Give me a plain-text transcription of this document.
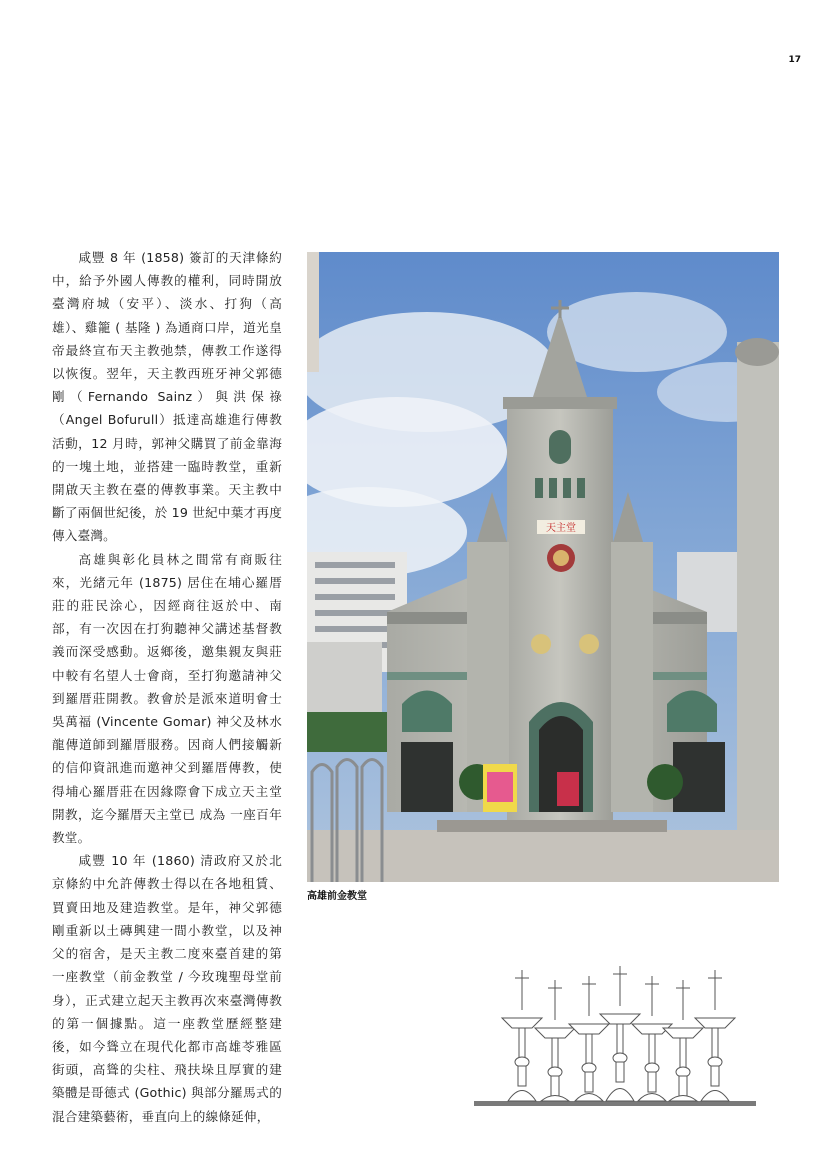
17

咸豐 8 年 (1858) 簽訂的天津條約中，給予外國人傳教的權利，同時開放臺灣府城（安平）、淡水、打狗（高雄）、雞籠 ( 基隆 ) 為通商口岸，道光皇帝最終宣布天主教弛禁，傳教工作遂得以恢復。翌年，天主教西班牙神父郭德剛（Fernando Sainz）與洪保祿（Angel Bofurull）抵達高雄進行傳教活動，12 月時，郭神父購買了前金靠海的一塊土地，並搭建一臨時教堂，重新開啟天主教在臺的傳教事業。天主教中斷了兩個世紀後，於 19 世紀中葉才再度傳入臺灣。

高雄與彰化員林之間常有商販往來，光緒元年 (1875) 居住在埔心羅厝莊的莊民涂心，因經商往返於中、南部，有一次因在打狗聽神父講述基督教義而深受感動。返鄉後，邀集親友與莊中較有名望人士會商，至打狗邀請神父到羅厝莊開教。教會於是派來道明會士吳萬福 (Vincente Gomar) 神父及林水龍傳道師到羅厝服務。因商人們接觸新的信仰資訊進而邀神父到羅厝傳教，使得埔心羅厝莊在因緣際會下成立天主堂開教，迄今羅厝天主堂已 成為 一座百年教堂。

咸豐 10 年 (1860) 清政府又於北京條約中允許傳教士得以在各地租賃、買賣田地及建造教堂。是年，神父郭德剛重新以土磚興建一間小教堂，以及神父的宿舍，是天主教二度來臺首建的第一座教堂（前金教堂 / 今玫瑰聖母堂前身），正式建立起天主教再次來臺灣傳教的第一個據點。這一座教堂歷經整建後，如今聳立在現代化都市高雄苓雅區街頭，高聳的尖柱、飛扶垛且厚實的建築體是哥德式 (Gothic) 與部分羅馬式的混合建築藝術，垂直向上的線條延伸，

天主堂
高雄前金教堂
